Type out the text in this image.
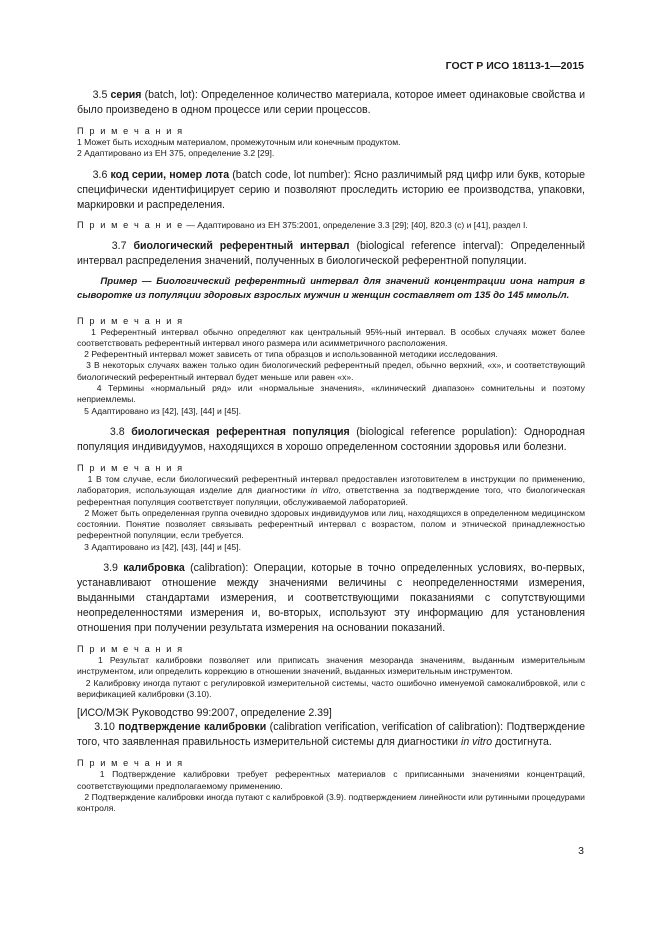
ГОСТ Р ИСО 18113-1—2015

3.5 серия (batch, lot): Определенное количество материала, которое имеет одинаковые свойства и было произведено в одном процессе или серии процессов.

П р и м е ч а н и я

1 Может быть исходным материалом, промежуточным или конечным продуктом.

2 Адаптировано из ЕН 375, определение 3.2 [29].

3.6 код серии, номер лота (batch code, lot number): Ясно различимый ряд цифр или букв, которые специфически идентифицирует серию и позволяют проследить историю ее производства, упаковки, маркировки и распределения.

П р и м е ч а н и е — Адаптировано из ЕН 375:2001, определение 3.3 [29]; [40], 820.3 (с) и [41], раздел I.

3.7 биологический референтный интервал (biological reference interval): Определенный интервал распределения значений, полученных в биологической референтной популяции.

Пример — Биологический референтный интервал для значений концентрации иона натрия в сыворотке из популяции здоровых взрослых мужчин и женщин составляет от 135 до 145 ммоль/л.

П р и м е ч а н и я

1 Референтный интервал обычно определяют как центральный 95%-ный интервал. В особых случаях может более соответствовать референтный интервал иного размера или асимметричного расположения.

2 Референтный интервал может зависеть от типа образцов и использованной методики исследования.

3 В некоторых случаях важен только один биологический референтный предел, обычно верхний, «x», и соответствующий биологический референтный интервал будет меньше или равен «x».

4 Термины «нормальный ряд» или «нормальные значения», «клинический диапазон» сомнительны и поэтому неприемлемы.

5 Адаптировано из [42], [43], [44] и [45].

3.8 биологическая референтная популяция (biological reference population): Однородная популяция индивидуумов, находящихся в хорошо определенном состоянии здоровья или болезни.

П р и м е ч а н и я

1 В том случае, если биологический референтный интервал предоставлен изготовителем в инструкции по применению, лаборатория, использующая изделие для диагностики in vitro, ответственна за подтверждение того, что биологическая референтная популяция соответствует популяции, обслуживаемой лабораторией.

2 Может быть определенная группа очевидно здоровых индивидуумов или лиц, находящихся в определенном медицинском состоянии. Понятие позволяет связывать референтный интервал с возрастом, полом и этнической принадлежностью референтной популяции, если требуется.

3 Адаптировано из [42], [43], [44] и [45].

3.9 калибровка (calibration): Операции, которые в точно определенных условиях, во-первых, устанавливают отношение между значениями величины с неопределенностями измерения, выданными стандартами измерения, и соответствующими показаниями с сопутствующими неопределенностями измерения и, во-вторых, используют эту информацию для установления отношения при получении результата измерения на основании показаний.

П р и м е ч а н и я

1 Результат калибровки позволяет или приписать значения мезоранда значениям, выданным измерительным инструментом, или определить коррекцию в отношении значений, выданных измерительным инструментом.

2 Калибровку иногда путают с регулировкой измерительной системы, часто ошибочно именуемой самокалибровкой, или с верификацией калибровки (3.10).

[ИСО/МЭК Руководство 99:2007, определение 2.39]

3.10 подтверждение калибровки (calibration verification, verification of calibration): Подтверждение того, что заявленная правильность измерительной системы для диагностики in vitro достигнута.

П р и м е ч а н и я

1 Подтверждение калибровки требует референтных материалов с приписанными значениями концентраций, соответствующими предполагаемому применению.

2 Подтверждение калибровки иногда путают с калибровкой (3.9). подтверждением линейности или рутинными процедурами контроля.

3
